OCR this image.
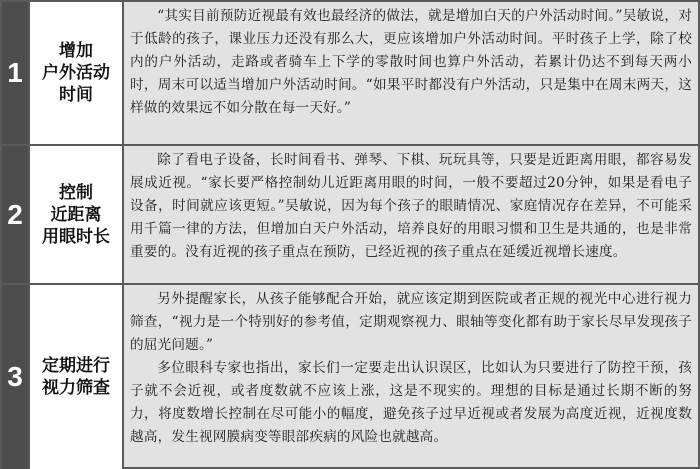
1
增加
户外活动
时间

“其实目前预防近视最有效也最经济的做法，就是增加白天的户外活动时间。”吴敏说，对于低龄的孩子，课业压力还没有那么大，更应该增加户外活动时间。平时孩子上学，除了校内的户外活动，走路或者骑车上下学的零散时间也算户外活动，若累计仍达不到每天两小时，周末可以适当增加户外活动时间。“如果平时都没有户外活动，只是集中在周末两天，这样做的效果远不如分散在每一天好。”

2
控制
近距离
用眼时长

除了看电子设备，长时间看书、弹琴、下棋、玩玩具等，只要是近距离用眼，都容易发展成近视。“家长要严格控制幼儿近距离用眼的时间，一般不要超过20分钟，如果是看电子设备，时间就应该更短。”吴敏说，因为每个孩子的眼睛情况、家庭情况存在差异，不可能采用千篇一律的方法，但增加白天户外活动，培养良好的用眼习惯和卫生是共通的，也是非常重要的。没有近视的孩子重点在预防，已经近视的孩子重点在延缓近视增长速度。

3	定期进行
视力筛查

另外提醒家长，从孩子能够配合开始，就应该定期到医院或者正规的视光中心进行视力筛查，“视力是一个特别好的参考值，定期观察视力、眼轴等变化都有助于家长尽早发现孩子的屈光问题。”

多位眼科专家也指出，家长们一定要走出认识误区，比如认为只要进行了防控干预，孩子就不会近视，或者度数就不应该上涨，这是不现实的。理想的目标是通过长期不断的努力，将度数增长控制在尽可能小的幅度，避免孩子过早近视或者发展为高度近视，近视度数越高，发生视网膜病变等眼部疾病的风险也就越高。
